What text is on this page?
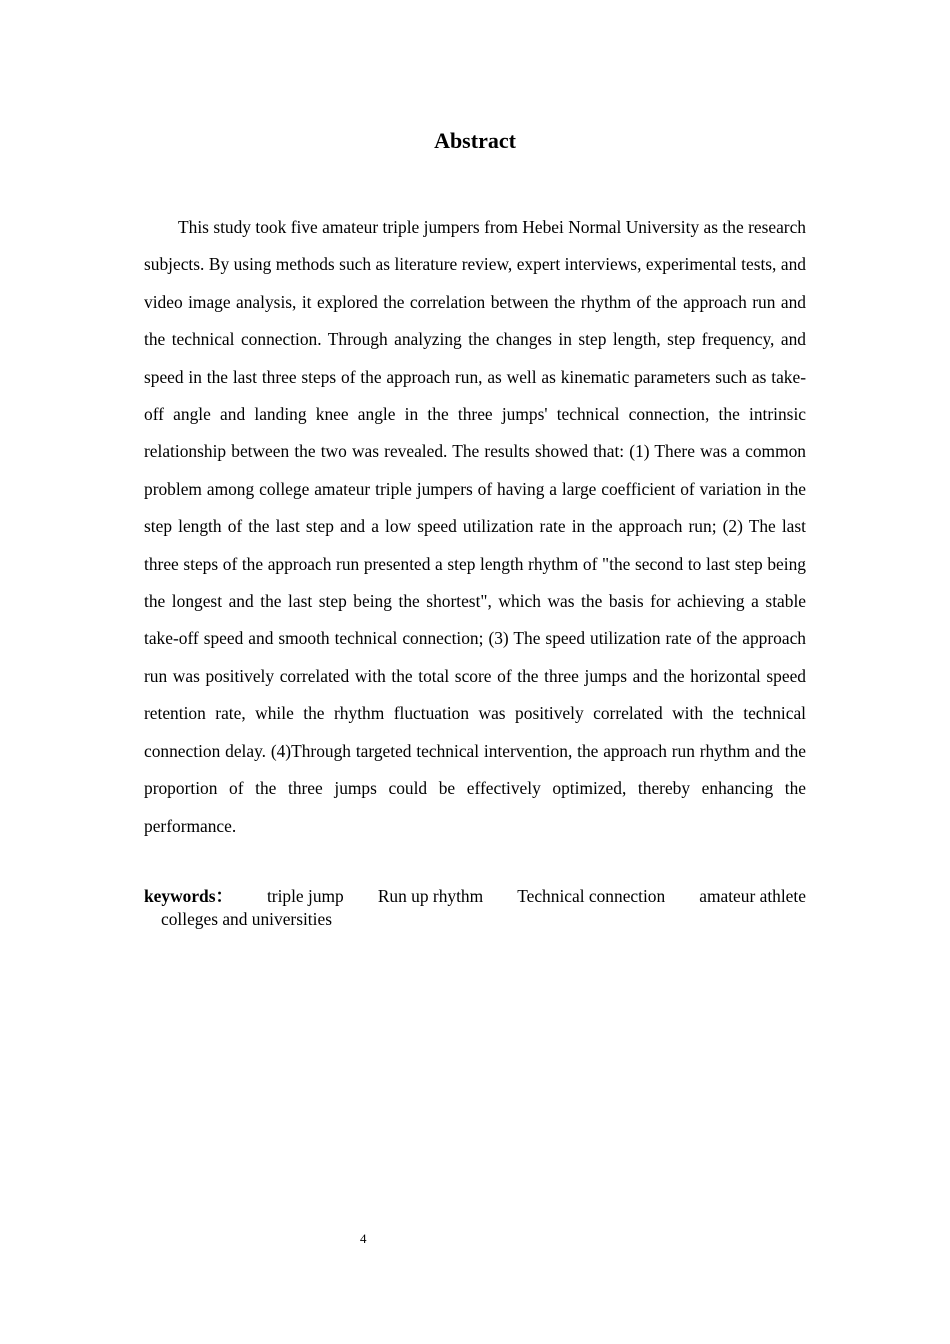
Abstract

This study took five amateur triple jumpers from Hebei Normal University as the research subjects. By using methods such as literature review, expert interviews, experimental tests, and video image analysis, it explored the correlation between the rhythm of the approach run and the technical connection. Through analyzing the changes in step length, step frequency, and speed in the last three steps of the approach run, as well as kinematic parameters such as take-off angle and landing knee angle in the three jumps' technical connection, the intrinsic relationship between the two was revealed. The results showed that: (1) There was a common problem among college amateur triple jumpers of having a large coefficient of variation in the step length of the last step and a low speed utilization rate in the approach run; (2) The last three steps of the approach run presented a step length rhythm of "the second to last step being the longest and the last step being the shortest", which was the basis for achieving a stable take-off speed and smooth technical connection; (3) The speed utilization rate of the approach run was positively correlated with the total score of the three jumps and the horizontal speed retention rate, while the rhythm fluctuation was positively correlated with the technical connection delay. (4)Through targeted technical intervention, the approach run rhythm and the proportion of the three jumps could be effectively optimized, thereby enhancing the performance.

keywords： triple jump Run up rhythm Technical connection amateur athlete
colleges and universities
4
